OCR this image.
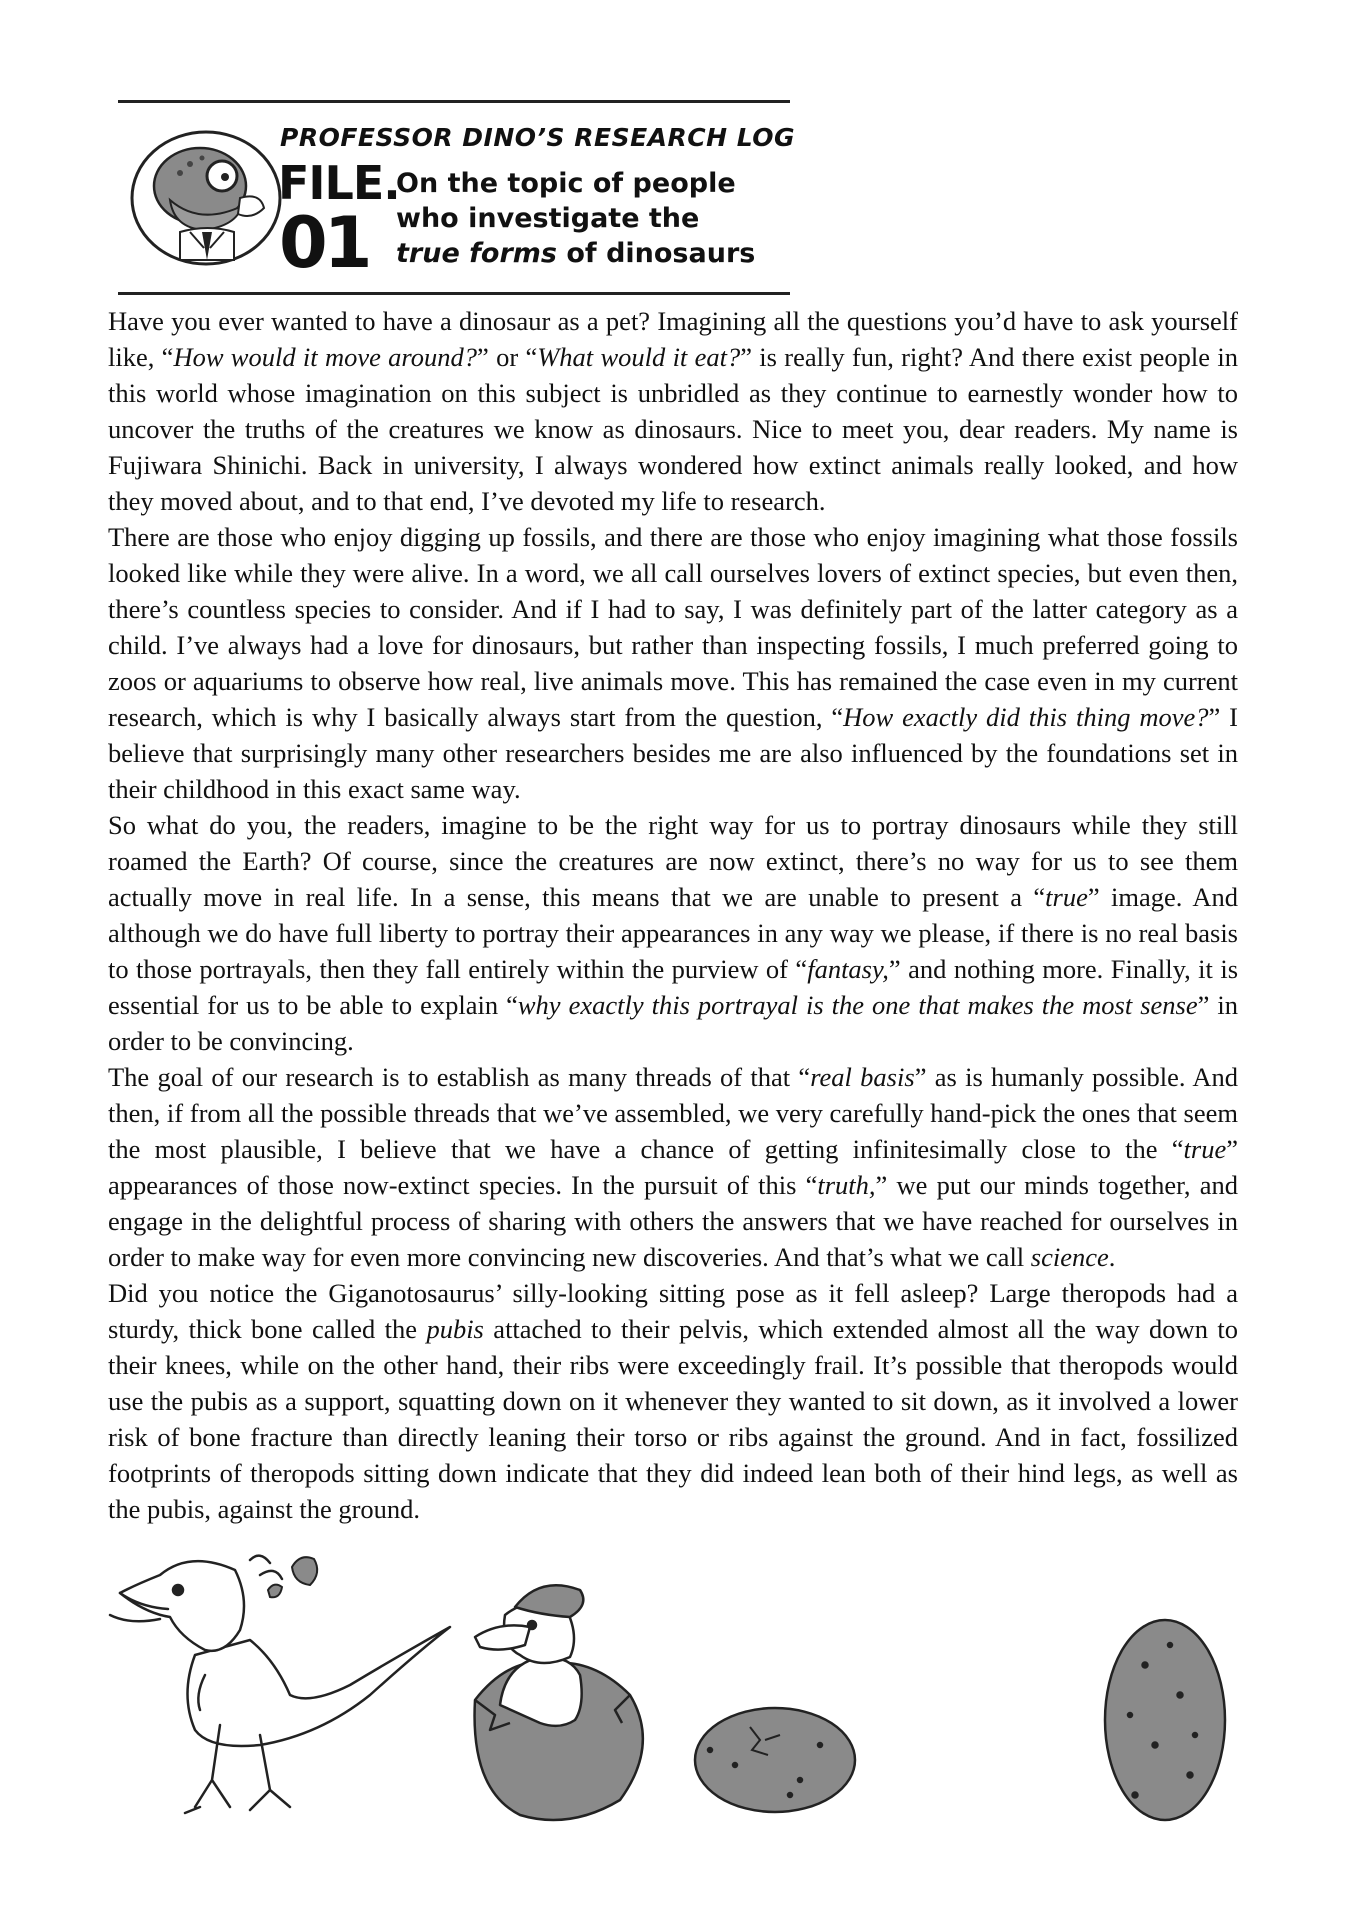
PROFESSOR DINO’S RESEARCH LOG
FILE.
01
On the topic of people
who investigate the
true forms of dinosaurs

Have you ever wanted to have a dinosaur as a pet? Imagining all the questions you’d have to ask yourself like, “How would it move around?” or “What would it eat?” is really fun, right? And there exist people in this world whose imagination on this subject is unbridled as they continue to earnestly wonder how to uncover the truths of the creatures we know as dinosaurs. Nice to meet you, dear readers. My name is Fujiwara Shinichi. Back in university, I always wondered how extinct animals really looked, and how they moved about, and to that end, I’ve devoted my life to research.

There are those who enjoy digging up fossils, and there are those who enjoy imagining what those fossils looked like while they were alive. In a word, we all call ourselves lovers of extinct species, but even then, there’s countless species to consider. And if I had to say, I was definitely part of the latter category as a child. I’ve always had a love for dinosaurs, but rather than inspecting fossils, I much preferred going to zoos or aquariums to observe how real, live animals move. This has remained the case even in my current research, which is why I basically always start from the question, “How exactly did this thing move?” I believe that surprisingly many other researchers besides me are also influenced by the foundations set in their childhood in this exact same way.

So what do you, the readers, imagine to be the right way for us to portray dinosaurs while they still roamed the Earth? Of course, since the creatures are now extinct, there’s no way for us to see them actually move in real life. In a sense, this means that we are unable to present a “true” image. And although we do have full liberty to portray their appearances in any way we please, if there is no real basis to those portrayals, then they fall entirely within the purview of “fantasy,” and nothing more. Finally, it is essential for us to be able to explain “why exactly this portrayal is the one that makes the most sense” in order to be convincing.

The goal of our research is to establish as many threads of that “real basis” as is humanly possible. And then, if from all the possible threads that we’ve assembled, we very carefully hand-pick the ones that seem the most plausible, I believe that we have a chance of getting infinitesimally close to the “true” appearances of those now-extinct species. In the pursuit of this “truth,” we put our minds together, and engage in the delightful process of sharing with others the answers that we have reached for ourselves in order to make way for even more convincing new discoveries. And that’s what we call science.

Did you notice the Giganotosaurus’ silly-looking sitting pose as it fell asleep? Large theropods had a sturdy, thick bone called the pubis attached to their pelvis, which extended almost all the way down to their knees, while on the other hand, their ribs were exceedingly frail. It’s possible that theropods would use the pubis as a support, squatting down on it whenever they wanted to sit down, as it involved a lower risk of bone fracture than directly leaning their torso or ribs against the ground. And in fact, fossilized footprints of theropods sitting down indicate that they did indeed lean both of their hind legs, as well as the pubis, against the ground.
